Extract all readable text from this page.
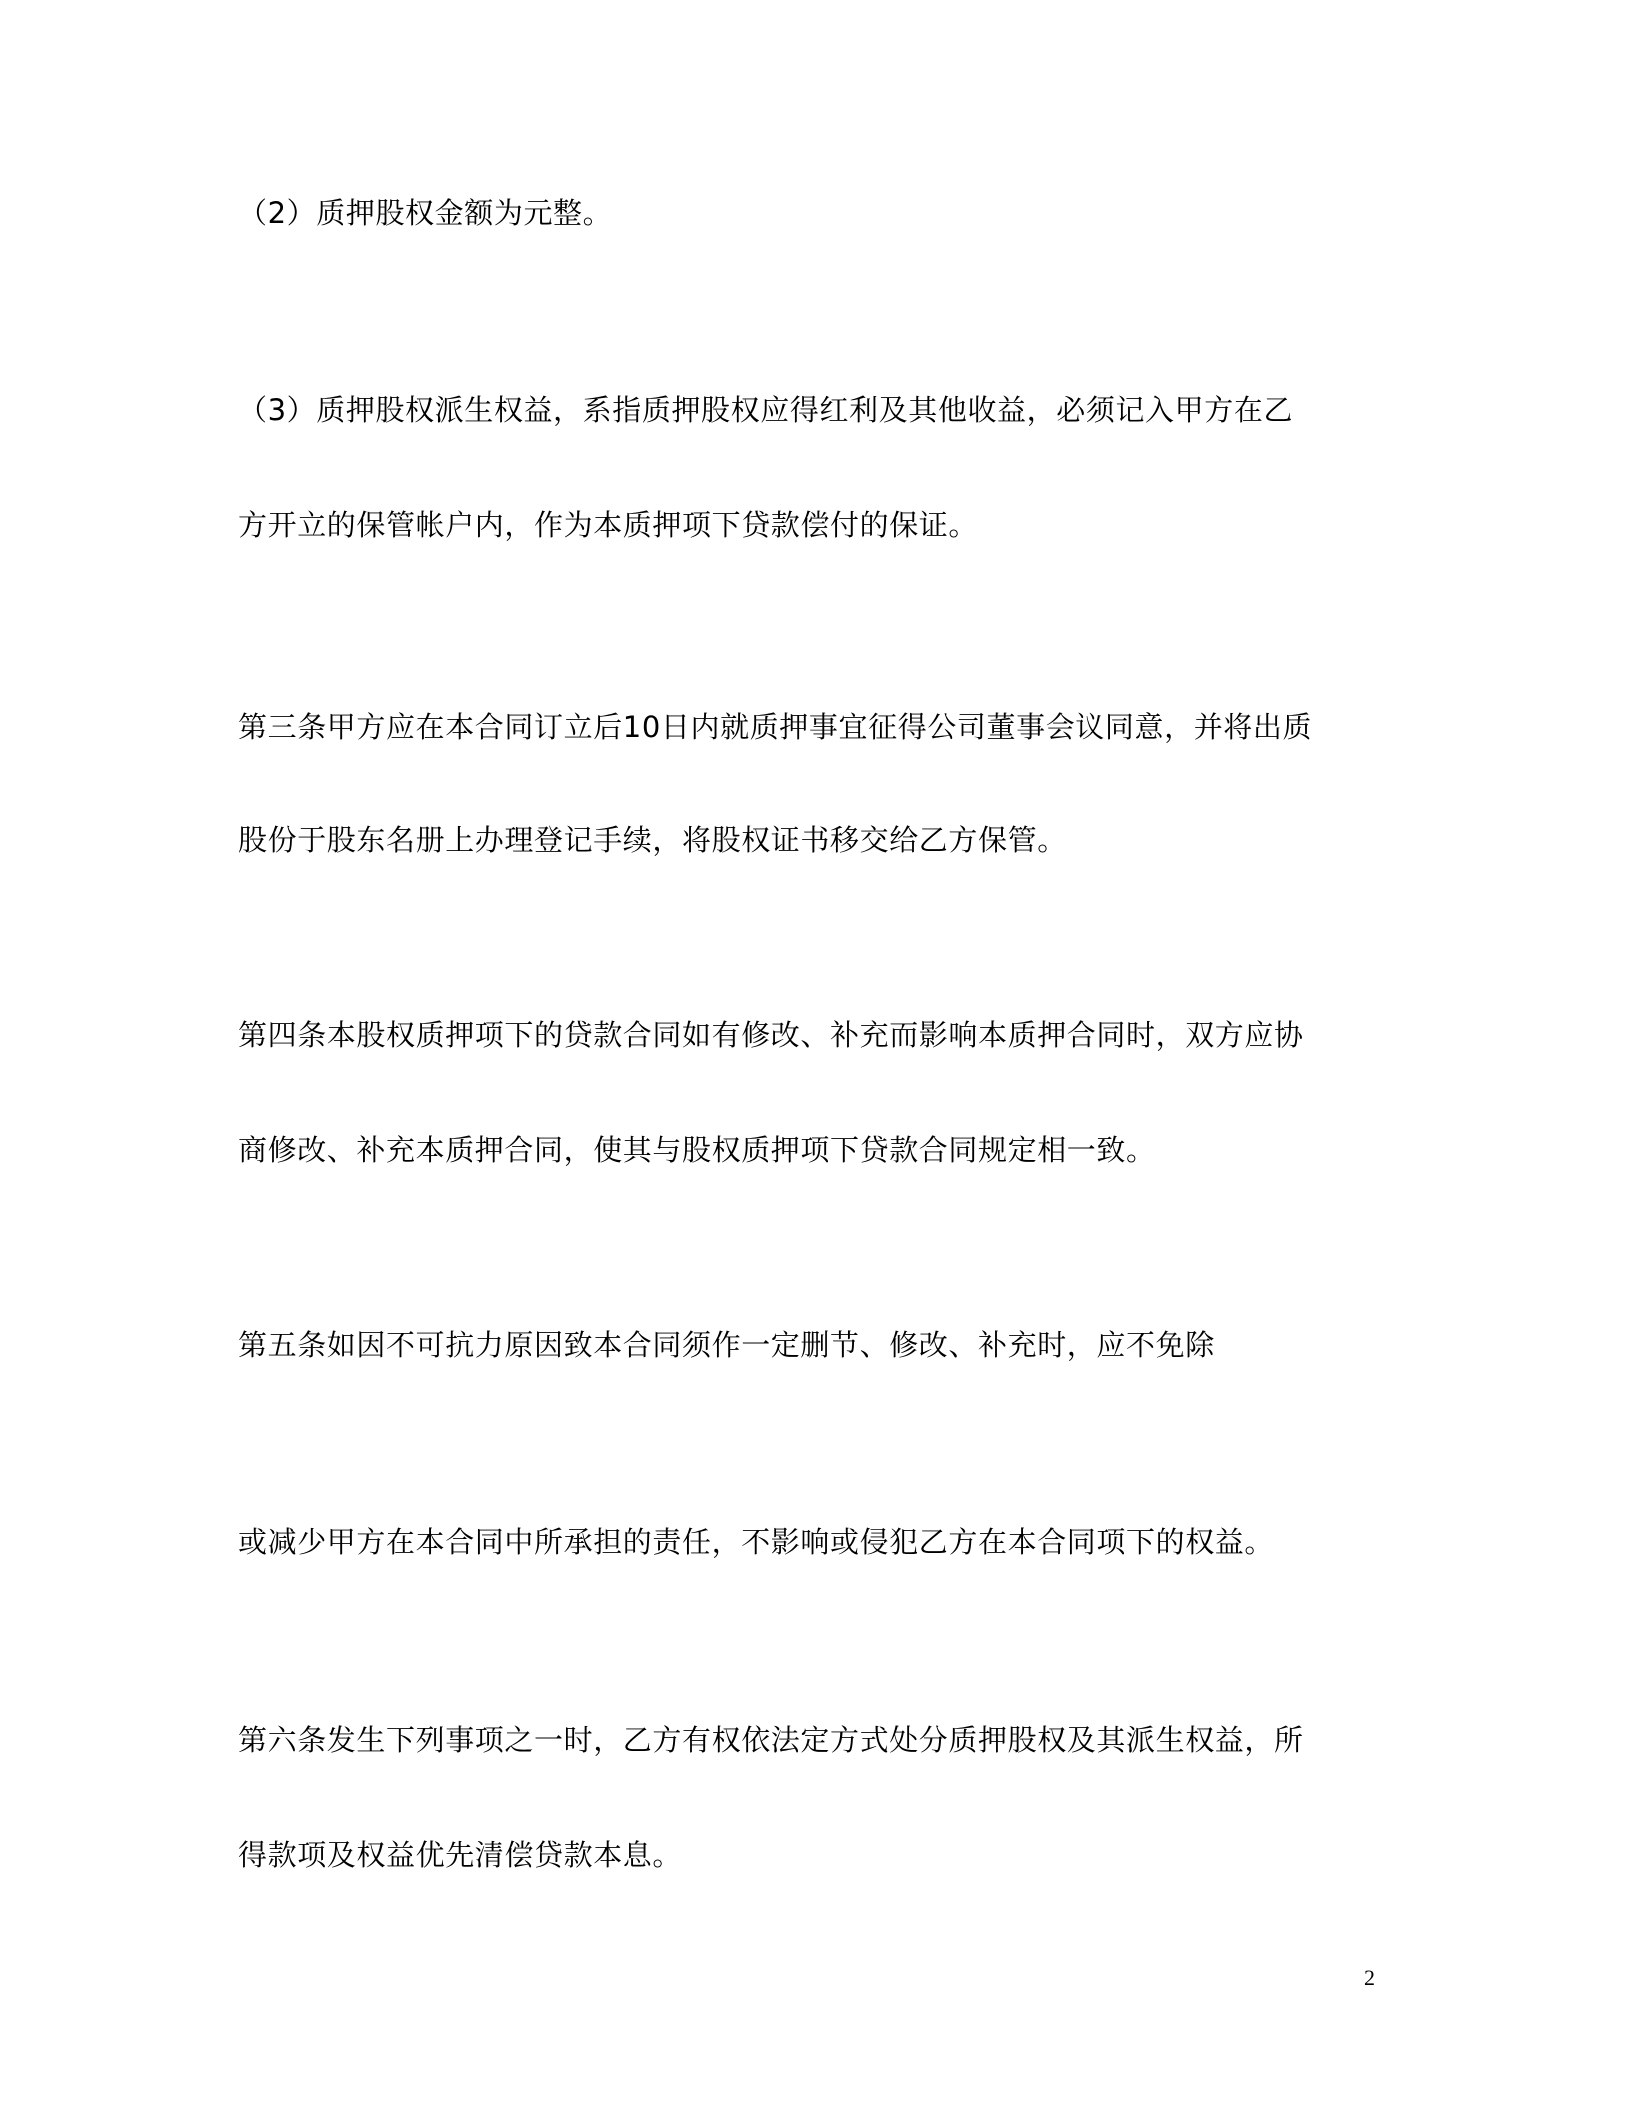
（2）质押股权金额为元整。
（3）质押股权派生权益，系指质押股权应得红利及其他收益，必须记入甲方在乙
方开立的保管帐户内，作为本质押项下贷款偿付的保证。
第三条甲方应在本合同订立后10日内就质押事宜征得公司董事会议同意，并将出质
股份于股东名册上办理登记手续，将股权证书移交给乙方保管。
第四条本股权质押项下的贷款合同如有修改、补充而影响本质押合同时，双方应协
商修改、补充本质押合同，使其与股权质押项下贷款合同规定相一致。
第五条如因不可抗力原因致本合同须作一定删节、修改、补充时，应不免除
或减少甲方在本合同中所承担的责任，不影响或侵犯乙方在本合同项下的权益。
第六条发生下列事项之一时，乙方有权依法定方式处分质押股权及其派生权益，所
得款项及权益优先清偿贷款本息。
2
